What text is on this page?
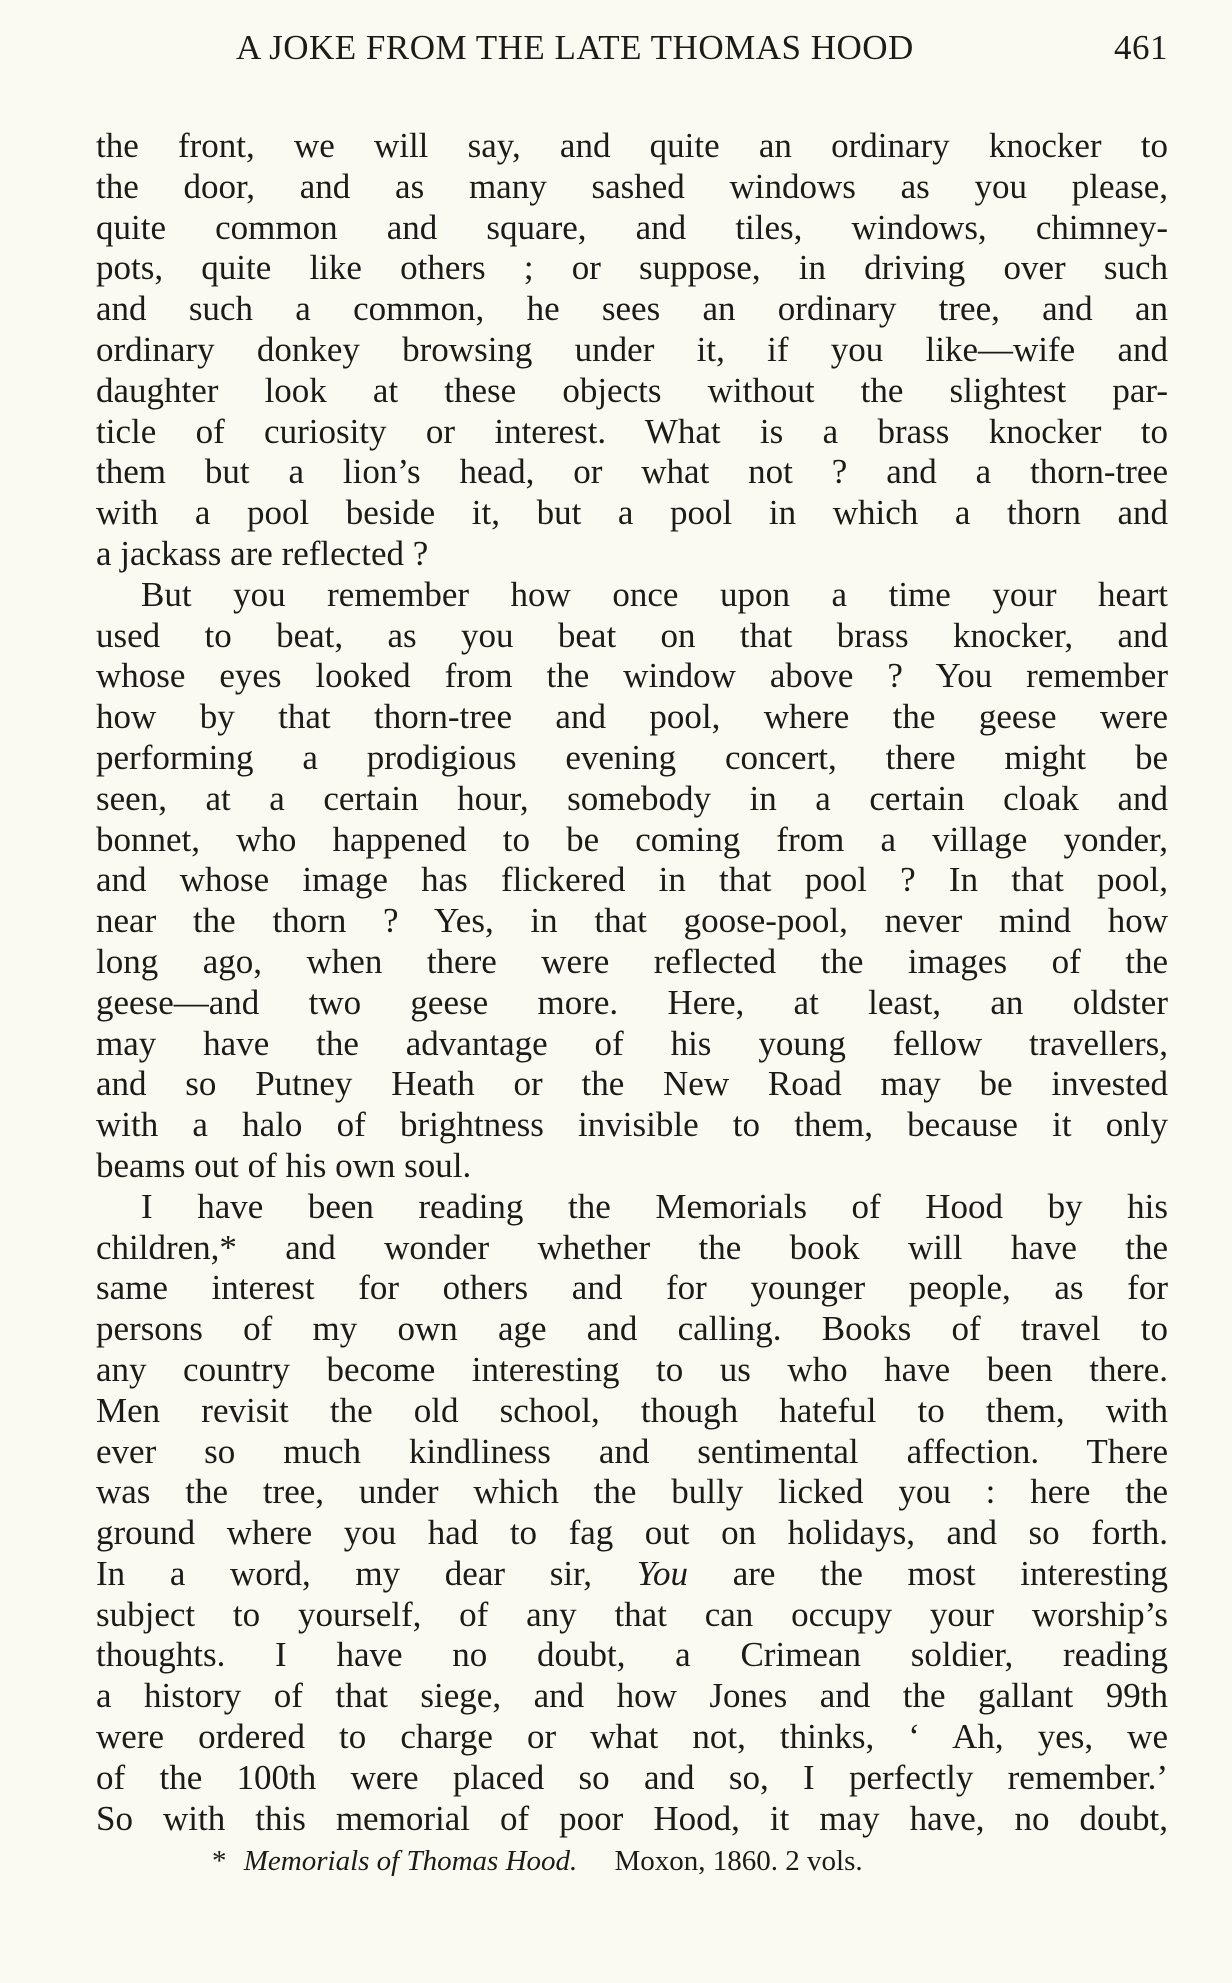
A JOKE FROM THE LATE THOMAS HOOD	461
the front, we will say, and quite an ordinary knocker to
the door, and as many sashed windows as you please,
quite common and square, and tiles, windows, chimney-
pots, quite like others ; or suppose, in driving over such
and such a common, he sees an ordinary tree, and an
ordinary donkey browsing under it, if you like—wife and
daughter look at these objects without the slightest par-
ticle of curiosity or interest. What is a brass knocker to
them but a lion’s head, or what not ? and a thorn-tree
with a pool beside it, but a pool in which a thorn and
a jackass are reflected ?
But you remember how once upon a time your heart
used to beat, as you beat on that brass knocker, and
whose eyes looked from the window above ? You remember
how by that thorn-tree and pool, where the geese were
performing a prodigious evening concert, there might be
seen, at a certain hour, somebody in a certain cloak and
bonnet, who happened to be coming from a village yonder,
and whose image has flickered in that pool ? In that pool,
near the thorn ? Yes, in that goose-pool, never mind how
long ago, when there were reflected the images of the
geese—and two geese more. Here, at least, an oldster
may have the advantage of his young fellow travellers,
and so Putney Heath or the New Road may be invested
with a halo of brightness invisible to them, because it only
beams out of his own soul.
I have been reading the Memorials of Hood by his
children,* and wonder whether the book will have the
same interest for others and for younger people, as for
persons of my own age and calling. Books of travel to
any country become interesting to us who have been there.
Men revisit the old school, though hateful to them, with
ever so much kindliness and sentimental affection. There
was the tree, under which the bully licked you : here the
ground where you had to fag out on holidays, and so forth.
In a word, my dear sir, You are the most interesting
subject to yourself, of any that can occupy your worship’s
thoughts. I have no doubt, a Crimean soldier, reading
a history of that siege, and how Jones and the gallant 99th
were ordered to charge or what not, thinks, ‘ Ah, yes, we
of the 100th were placed so and so, I perfectly remember.’
So with this memorial of poor Hood, it may have, no doubt,
* Memorials of Thomas Hood. Moxon, 1860. 2 vols.
